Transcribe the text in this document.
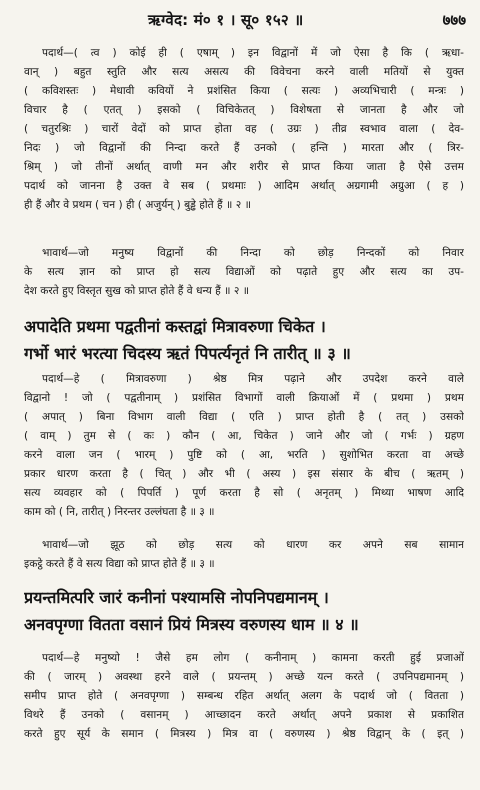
ऋग्वेद: मं० १ । सू० १५२ ॥	७७७
पदार्थ—( त्व ) कोई ही ( एषाम् ) इन विद्वानों में जो ऐसा है कि ( ऋधा-
वान् ) बहुत स्तुति और सत्य असत्य की विवेचना करने वाली मतियों से युक्त
( कविशस्तः ) मेधावी कवियों ने प्रशंसित किया ( सत्यः ) अव्यभिचारी ( मन्त्रः )
विचार है ( एतत् ) इसको ( विचिकेतत् ) विशेषता से जानता है और जो
( चतुरश्रिः ) चारों वेदों को प्राप्त होता वह ( उग्रः ) तीव्र स्वभाव वाला ( देव-
निदः ) जो विद्वानों की निन्दा करते हैं उनको ( हन्ति ) मारता और ( त्रिर-
श्रिम् ) जो तीनों अर्थात् वाणी मन और शरीर से प्राप्त किया जाता है ऐसे उत्तम
पदार्थ को जानना है उक्त वे सब ( प्रथमाः ) आदिम अर्थात् अग्रगामी अग्रुआ ( ह )
ही हैं और वे प्रथम ( चन ) ही ( अजुर्यन् ) बुड्ढे होते हैं ॥ २ ॥
भावार्थ—जो मनुष्य विद्वानों की निन्दा को छोड़ निन्दकों को निवार
के सत्य ज्ञान को प्राप्त हो सत्य विद्याओं को पढ़ाते हुए और सत्य का उप-
देश करते हुए विस्तृत सुख को प्राप्त होते हैं वे धन्य हैं ॥ २ ॥
अपादेति प्रथमा पद्वतीनां कस्तद्वां मित्रावरुणा चिकेत ।
गर्भो भारं भरत्या चिदस्य ऋतं पिपर्त्यनृतं नि तारीत् ॥ ३ ॥
पदार्थ—हे ( मित्रावरुणा ) श्रेष्ठ मित्र पढ़ाने और उपदेश करने वाले
विद्वानो ! जो ( पद्वतीनाम् ) प्रशंसित विभागों वाली क्रियाओं में ( प्रथमा ) प्रथम
( अपात् ) बिना विभाग वाली विद्या ( एति ) प्राप्त होती है ( तत् ) उसको
( वाम् ) तुम से ( कः ) कौन ( आ, चिकेत ) जाने और जो ( गर्भः ) ग्रहण
करने वाला जन ( भारम् ) पुष्टि को ( आ, भरति ) सुशोभित करता वा अच्छे
प्रकार धारण करता है ( चित् ) और भी ( अस्य ) इस संसार के बीच ( ऋतम् )
सत्य व्यवहार को ( पिपर्ति ) पूर्ण करता है सो ( अनृतम् ) मिथ्या भाषण आदि
काम को ( नि, तारीत् ) निरन्तर उल्लंघता है ॥ ३ ॥
भावार्थ—जो झूठ को छोड़ सत्य को धारण कर अपने सब सामान
इकट्ठे करते हैं वे सत्य विद्या को प्राप्त होते हैं ॥ ३ ॥
प्रयन्तमित्परि जारं कनीनां पश्यामसि नोपनिपद्यमानम् ।
अनवपृग्णा वितता वसानं प्रियं मित्रस्य वरुणस्य धाम ॥ ४ ॥
पदार्थ—हे मनुष्यो ! जैसे हम लोग ( कनीनाम् ) कामना करती हुई प्रजाओं
की ( जारम् ) अवस्था हरने वाले ( प्रयन्तम् ) अच्छे यत्न करते ( उपनिपद्यमानम् )
समीप प्राप्त होते ( अनवपृग्णा ) सम्बन्ध रहित अर्थात् अलग के पदार्थ जो ( वितता )
विथरे हैं उनको ( वसानम् ) आच्छादन करते अर्थात् अपने प्रकाश से प्रकाशित
करते हुए सूर्य के समान ( मित्रस्य ) मित्र वा ( वरुणस्य ) श्रेष्ठ विद्वान् के ( इत् )
